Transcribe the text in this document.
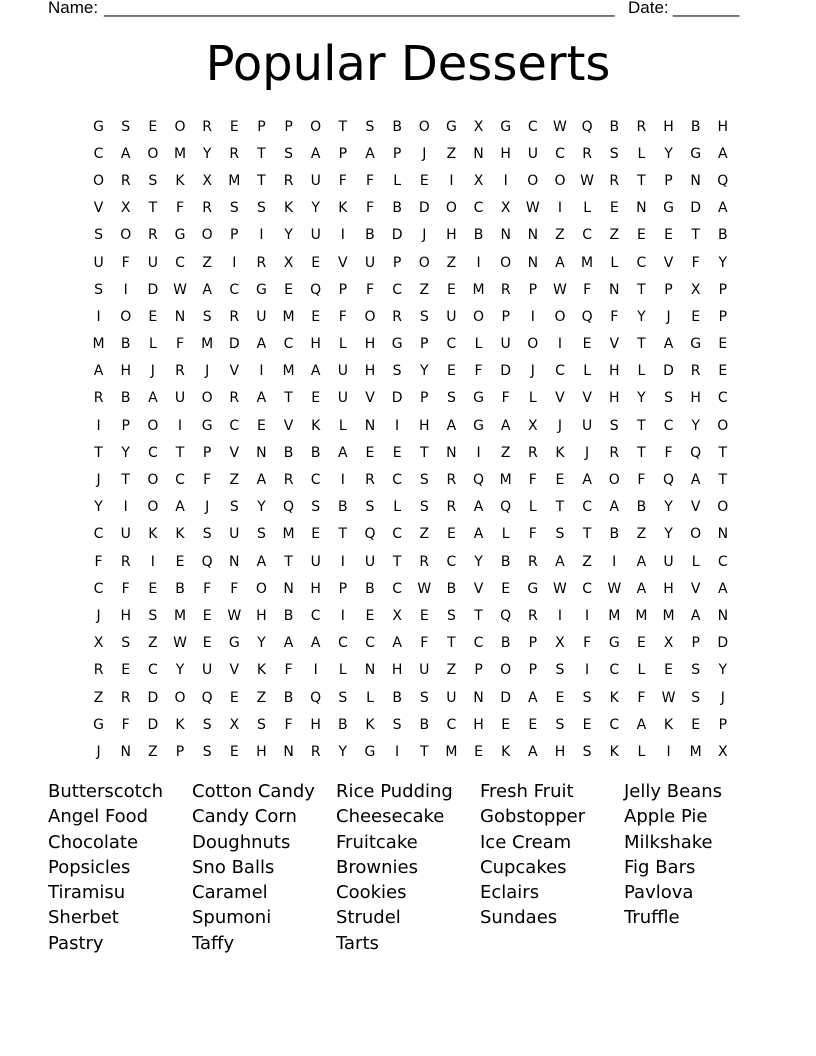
Name: ______________________________________________________ Date: _______
Popular Desserts
G	S	E	O	R	E	P	P	O	T	S	B	O	G	X	G	C	W	Q	B	R	H	B	H
C	A	O	M	Y	R	T	S	A	P	A	P	J	Z	N	H	U	C	R	S	L	Y	G	A
O	R	S	K	X	M	T	R	U	F	F	L	E	I	X	I	O	O	W	R	T	P	N	Q
V	X	T	F	R	S	S	K	Y	K	F	B	D	O	C	X	W	I	L	E	N	G	D	A
S	O	R	G	O	P	I	Y	U	I	B	D	J	H	B	N	N	Z	C	Z	E	E	T	B
U	F	U	C	Z	I	R	X	E	V	U	P	O	Z	I	O	N	A	M	L	C	V	F	Y
S	I	D	W	A	C	G	E	Q	P	F	C	Z	E	M	R	P	W	F	N	T	P	X	P
I	O	E	N	S	R	U	M	E	F	O	R	S	U	O	P	I	O	Q	F	Y	J	E	P
M	B	L	F	M	D	A	C	H	L	H	G	P	C	L	U	O	I	E	V	T	A	G	E
A	H	J	R	J	V	I	M	A	U	H	S	Y	E	F	D	J	C	L	H	L	D	R	E
R	B	A	U	O	R	A	T	E	U	V	D	P	S	G	F	L	V	V	H	Y	S	H	C
I	P	O	I	G	C	E	V	K	L	N	I	H	A	G	A	X	J	U	S	T	C	Y	O
T	Y	C	T	P	V	N	B	B	A	E	E	T	N	I	Z	R	K	J	R	T	F	Q	T
J	T	O	C	F	Z	A	R	C	I	R	C	S	R	Q	M	F	E	A	O	F	Q	A	T
Y	I	O	A	J	S	Y	Q	S	B	S	L	S	R	A	Q	L	T	C	A	B	Y	V	O
C	U	K	K	S	U	S	M	E	T	Q	C	Z	E	A	L	F	S	T	B	Z	Y	O	N
F	R	I	E	Q	N	A	T	U	I	U	T	R	C	Y	B	R	A	Z	I	A	U	L	C
C	F	E	B	F	F	O	N	H	P	B	C	W	B	V	E	G	W	C	W	A	H	V	A
J	H	S	M	E	W	H	B	C	I	E	X	E	S	T	Q	R	I	I	M	M	M	A	N
X	S	Z	W	E	G	Y	A	A	C	C	A	F	T	C	B	P	X	F	G	E	X	P	D
R	E	C	Y	U	V	K	F	I	L	N	H	U	Z	P	O	P	S	I	C	L	E	S	Y
Z	R	D	O	Q	E	Z	B	Q	S	L	B	S	U	N	D	A	E	S	K	F	W	S	J
G	F	D	K	S	X	S	F	H	B	K	S	B	C	H	E	E	S	E	C	A	K	E	P
J	N	Z	P	S	E	H	N	R	Y	G	I	T	M	E	K	A	H	S	K	L	I	M	X
Butterscotch
Angel Food
Chocolate
Popsicles
Tiramisu
Sherbet
Pastry
Cotton Candy
Candy Corn
Doughnuts
Sno Balls
Caramel
Spumoni
Taffy
Rice Pudding
Cheesecake
Fruitcake
Brownies
Cookies
Strudel
Tarts
Fresh Fruit
Gobstopper
Ice Cream
Cupcakes
Eclairs
Sundaes
Jelly Beans
Apple Pie
Milkshake
Fig Bars
Pavlova
Truffle
